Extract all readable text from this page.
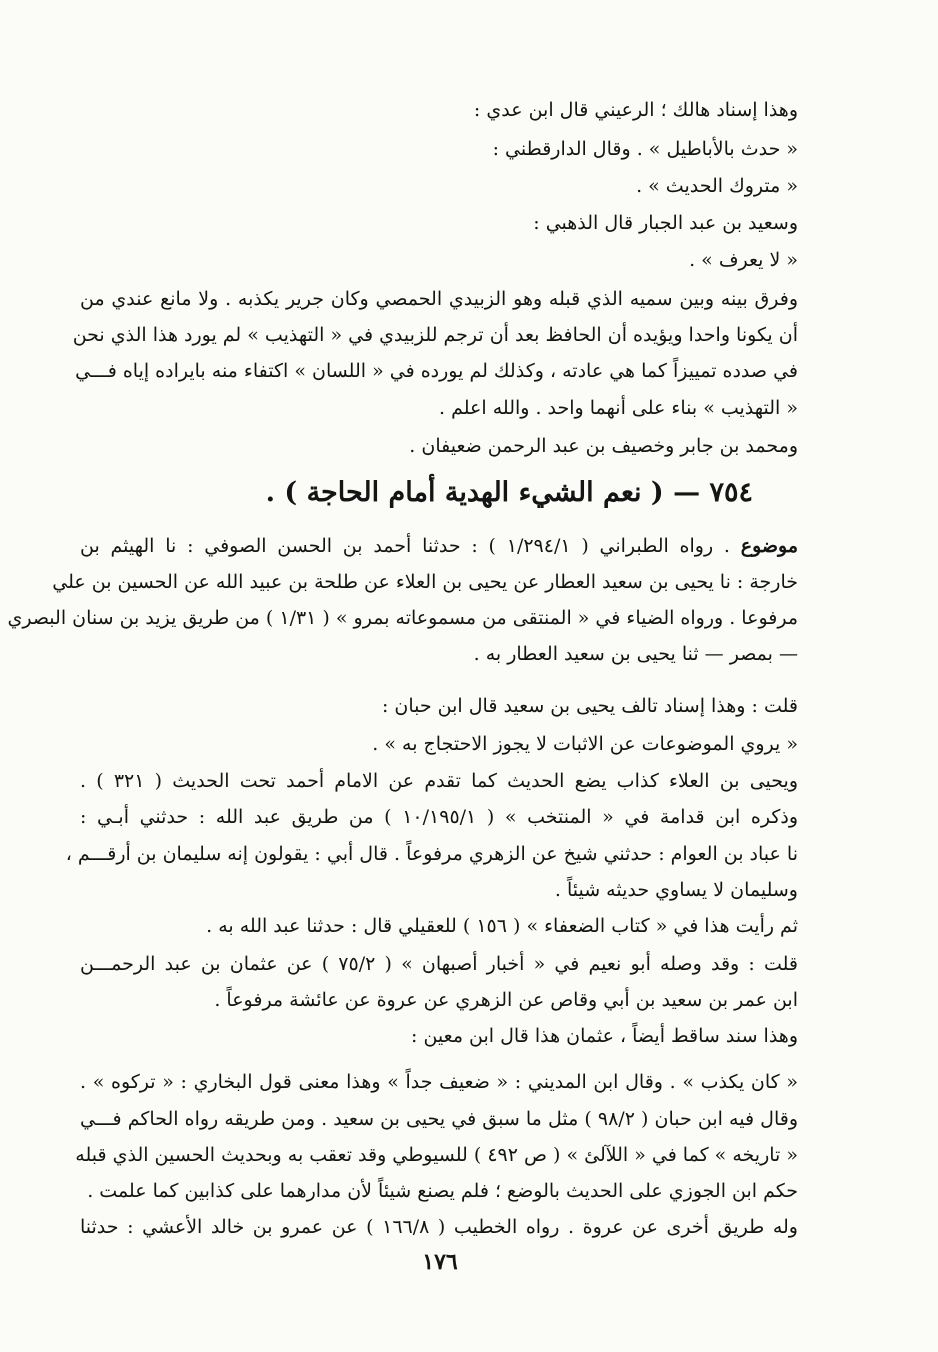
وهذا إسناد هالك ؛ الرعيني قال ابن عدي :
« حدث بالأباطيل » . وقال الدارقطني :
« متروك الحديث » .
وسعيد بن عبد الجبار قال الذهبي :
« لا يعرف » .
وفرق بينه وبين سميه الذي قبله وهو الزبيدي الحمصي وكان جرير يكذبه . ولا مانع عندي من
أن يكونا واحدا ويؤيده أن الحافظ بعد أن ترجم للزبيدي في « التهذيب » لم يورد هذا الذي نحن
في صدده تمييزاً كما هي عادته ، وكذلك لم يورده في « اللسان » اكتفاء منه بايراده إياه فـــي
« التهذيب » بناء على أنهما واحد . والله اعلم .
ومحمد بن جابر وخصيف بن عبد الرحمن ضعيفان .
٧٥٤ — ( نعم الشيء الهدية أمام الحاجة ) .
موضوع . رواه الطبراني ( ١/٢٩٤/١ ) : حدثنا أحمد بن الحسن الصوفي : نا الهيثم بن
خارجة : نا يحيى بن سعيد العطار عن يحيى بن العلاء عن طلحة بن عبيد الله عن الحسين بن علي
مرفوعا . ورواه الضياء في « المنتقى من مسموعاته بمرو » ( ١/٣١ ) من طريق يزيد بن سنان البصري
— بمصر — ثنا يحيى بن سعيد العطار به .
قلت : وهذا إسناد تالف يحيى بن سعيد قال ابن حبان :
« يروي الموضوعات عن الاثبات لا يجوز الاحتجاج به » .
ويحيى بن العلاء كذاب يضع الحديث كما تقدم عن الامام أحمد تحت الحديث ( ٣٢١ ) .
وذكره ابن قدامة في « المنتخب » ( ١٠/١٩٥/١ ) من طريق عبد الله : حدثني أبـي :
نا عباد بن العوام : حدثني شيخ عن الزهري مرفوعاً . قال أبي : يقولون إنه سليمان بن أرقـــم ،
وسليمان لا يساوي حديثه شيئاً .
ثم رأيت هذا في « كتاب الضعفاء » ( ١٥٦ ) للعقيلي قال : حدثنا عبد الله به .
قلت : وقد وصله أبو نعيم في « أخبار أصبهان » ( ٧٥/٢ ) عن عثمان بن عبد الرحمـــن
ابن عمر بن سعيد بن أبي وقاص عن الزهري عن عروة عن عائشة مرفوعاً .
وهذا سند ساقط أيضاً ، عثمان هذا قال ابن معين :
« كان يكذب » . وقال ابن المديني : « ضعيف جداً » وهذا معنى قول البخاري : « تركوه » .
وقال فيه ابن حبان ( ٩٨/٢ ) مثل ما سبق في يحيى بن سعيد . ومن طريقه رواه الحاكم فـــي
« تاريخه » كما في « اللآلئ » ( ص ٤٩٢ ) للسيوطي وقد تعقب به وبحديث الحسين الذي قبله
حكم ابن الجوزي على الحديث بالوضع ؛ فلم يصنع شيئاً لأن مدارهما على كذابين كما علمت .
وله طريق أخرى عن عروة . رواه الخطيب ( ١٦٦/٨ ) عن عمرو بن خالد الأعشي : حدثنا
١٧٦
